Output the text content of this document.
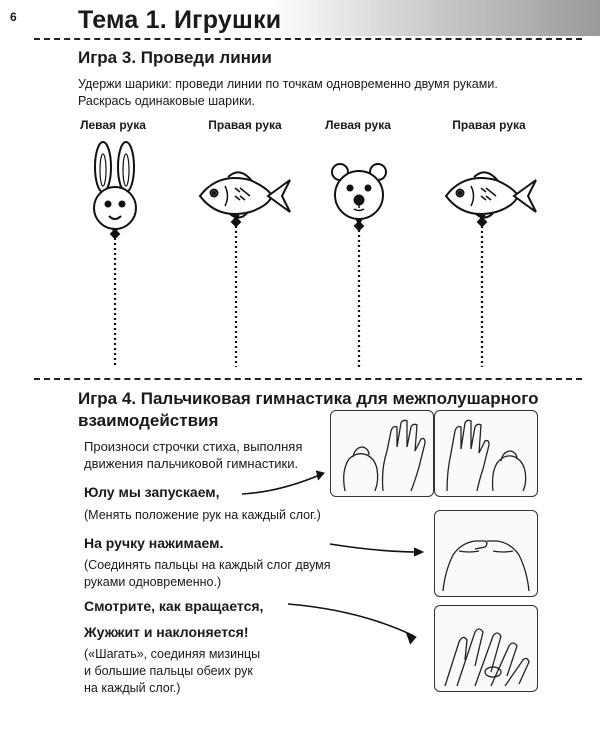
6 Тема 1. Игрушки
Игра 3. Проведи линии
Удержи шарики: проведи линии по точкам одновременно двумя руками.
Раскрась одинаковые шарики.
Левая рука	Правая рука	Левая рука	Правая рука
Игра 4. Пальчиковая гимнастика для межполушарного
взаимодействия
Произноси строчки стиха, выполняя
движения пальчиковой гимнастики.
Юлу мы запускаем,
(Менять положение рук на каждый слог.)
На ручку нажимаем.
(Соединять пальцы на каждый слог двумя
руками одновременно.)
Смотрите, как вращается,
Жужжит и наклоняется!
(«Шагать», соединяя мизинцы
и большие пальцы обеих рук
на каждый слог.)
